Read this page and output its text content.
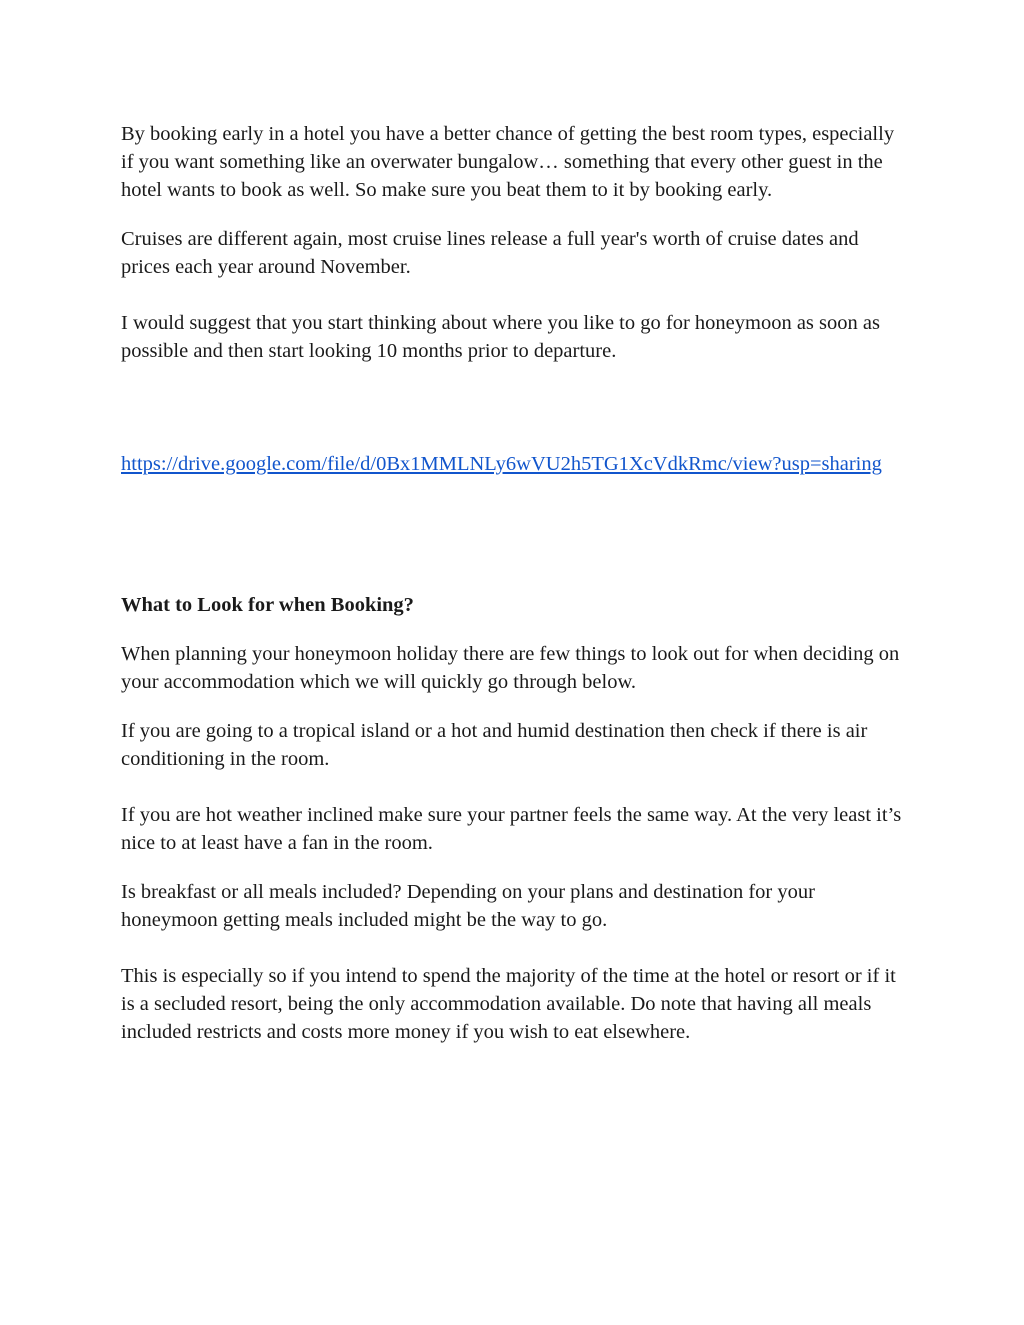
By booking early in a hotel you have a better chance of getting the best room types, especially if you want something like an overwater bungalow… something that every other guest in the hotel wants to book as well. So make sure you beat them to it by booking early.

Cruises are different again, most cruise lines release a full year's worth of cruise dates and prices each year around November.

I would suggest that you start thinking about where you like to go for honeymoon as soon as possible and then start looking 10 months prior to departure.

https://drive.google.com/file/d/0Bx1MMLNLy6wVU2h5TG1XcVdkRmc/view?usp=sharing

What to Look for when Booking?

When planning your honeymoon holiday there are few things to look out for when deciding on your accommodation which we will quickly go through below.

If you are going to a tropical island or a hot and humid destination then check if there is air conditioning in the room.

If you are hot weather inclined make sure your partner feels the same way. At the very least it’s nice to at least have a fan in the room.

Is breakfast or all meals included? Depending on your plans and destination for your honeymoon getting meals included might be the way to go.

This is especially so if you intend to spend the majority of the time at the hotel or resort or if it is a secluded resort, being the only accommodation available. Do note that having all meals included restricts and costs more money if you wish to eat elsewhere.
